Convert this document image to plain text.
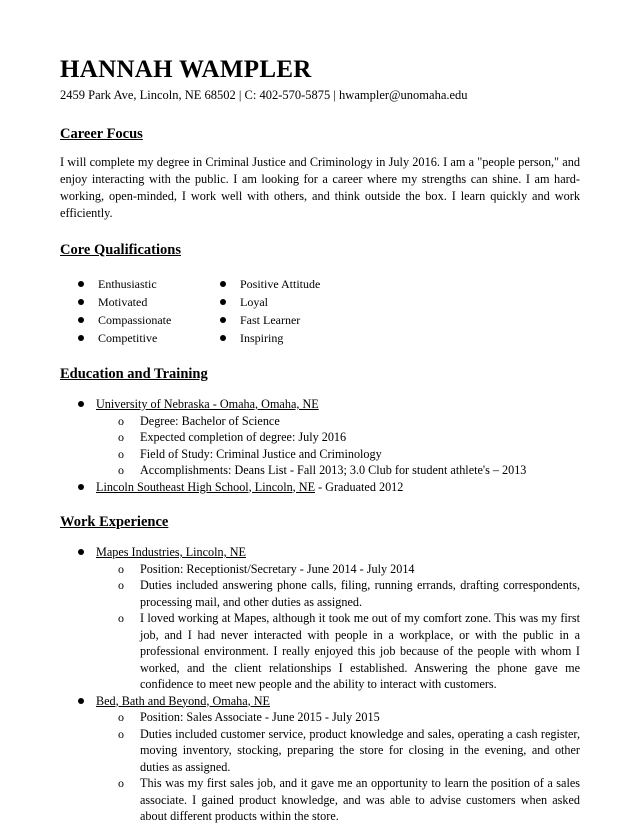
HANNAH WAMPLER
2459 Park Ave, Lincoln, NE 68502 | C: 402-570-5875 | hwampler@unomaha.edu
Career Focus

I will complete my degree in Criminal Justice and Criminology in July 2016. I am a "people person," and enjoy interacting with the public. I am looking for a career where my strengths can shine. I am hard-working, open-minded, I work well with others, and think outside the box. I learn quickly and work efficiently.

Core Qualifications
Enthusiastic
Motivated
Compassionate
Competitive
Positive Attitude
Loyal
Fast Learner
Inspiring
Education and Training
University of Nebraska - Omaha, Omaha, NE
o Degree: Bachelor of Science
o Expected completion of degree: July 2016
o Field of Study: Criminal Justice and Criminology
o Accomplishments: Deans List - Fall 2013; 3.0 Club for student athlete's – 2013
Lincoln Southeast High School, Lincoln, NE - Graduated 2012
Work Experience
Mapes Industries, Lincoln, NE
o Position: Receptionist/Secretary - June 2014 - July 2014
o Duties included answering phone calls, filing, running errands, drafting correspondents, processing mail, and other duties as assigned.
o I loved working at Mapes, although it took me out of my comfort zone. This was my first job, and I had never interacted with people in a workplace, or with the public in a professional environment. I really enjoyed this job because of the people with whom I worked, and the client relationships I established. Answering the phone gave me confidence to meet new people and the ability to interact with customers.
Bed, Bath and Beyond, Omaha, NE
o Position: Sales Associate - June 2015 - July 2015
o Duties included customer service, product knowledge and sales, operating a cash register, moving inventory, stocking, preparing the store for closing in the evening, and other duties as assigned.
o This was my first sales job, and it gave me an opportunity to learn the position of a sales associate. I gained product knowledge, and was able to advise customers when asked about different products within the store.
